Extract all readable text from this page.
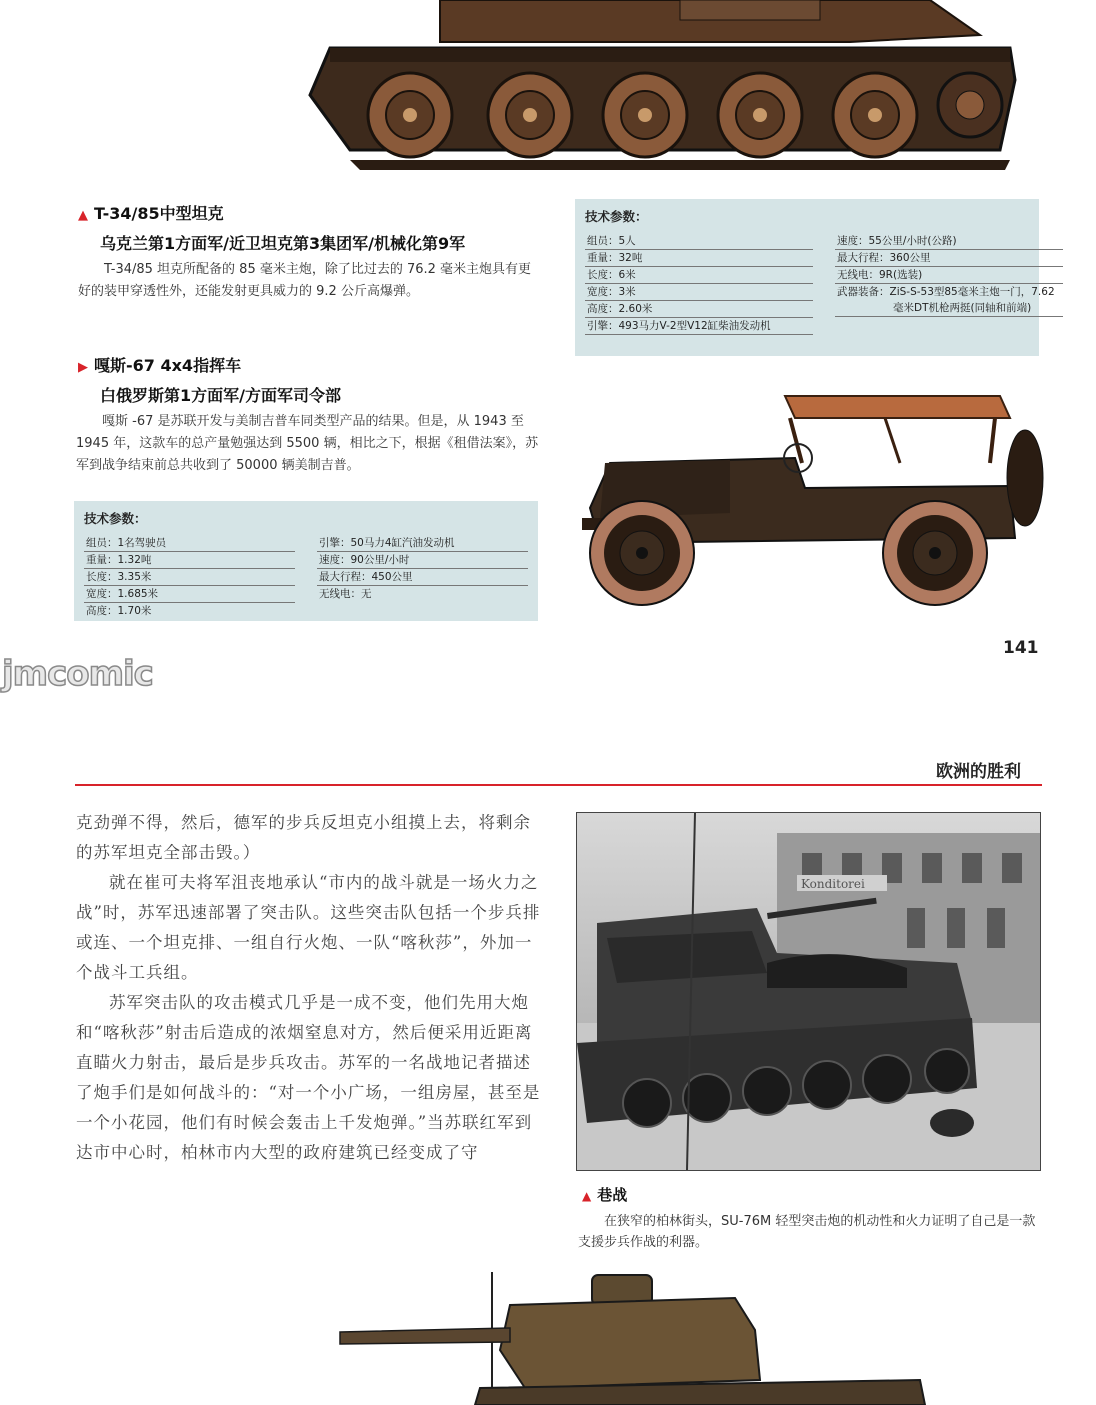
▲ T-34/85中型坦克
乌克兰第1方面军/近卫坦克第3集团军/机械化第9军
T-34/85 坦克所配备的 85 毫米主炮，除了比过去的 76.2 毫米主炮具有更好的装甲穿透性外，还能发射更具威力的 9.2 公斤高爆弹。
技术参数：
组员：5人
重量：32吨
长度：6米
宽度：3米
高度：2.60米
引擎：493马力V-2型V12缸柴油发动机
速度：55公里/小时(公路)
最大行程：360公里
无线电：9R(选装)
武器装备：ZiS-S-53型85毫米主炮一门，7.62毫米DT机枪两挺(同轴和前端)
▶ 嘎斯-67 4x4指挥车
白俄罗斯第1方面军/方面军司令部
嘎斯 -67 是苏联开发与美制吉普车同类型产品的结果。但是，从 1943 至 1945 年，这款车的总产量勉强达到 5500 辆，相比之下，根据《租借法案》，苏军到战争结束前总共收到了 50000 辆美制吉普。
技术参数：
组员：1名驾驶员
重量：1.32吨
长度：3.35米
宽度：1.685米
高度：1.70米
引擎：50马力4缸汽油发动机
速度：90公里/小时
最大行程：450公里
无线电：无
141
jmcomic
欧洲的胜利

克劲弹不得，然后，德军的步兵反坦克小组摸上去，将剩余的苏军坦克全部击毁。）

就在崔可夫将军沮丧地承认“市内的战斗就是一场火力之战”时，苏军迅速部署了突击队。这些突击队包括一个步兵排或连、一个坦克排、一组自行火炮、一队“喀秋莎”，外加一个战斗工兵组。

苏军突击队的攻击模式几乎是一成不变，他们先用大炮和“喀秋莎”射击后造成的浓烟窒息对方，然后便采用近距离直瞄火力射击，最后是步兵攻击。苏军的一名战地记者描述了炮手们是如何战斗的：“对一个小广场，一组房屋，甚至是一个小花园，他们有时候会轰击上千发炮弹。”当苏联红军到达市中心时，柏林市内大型的政府建筑已经变成了守

Konditorei
▲ 巷战
在狭窄的柏林街头，SU-76M 轻型突击炮的机动性和火力证明了自己是一款支援步兵作战的利器。
